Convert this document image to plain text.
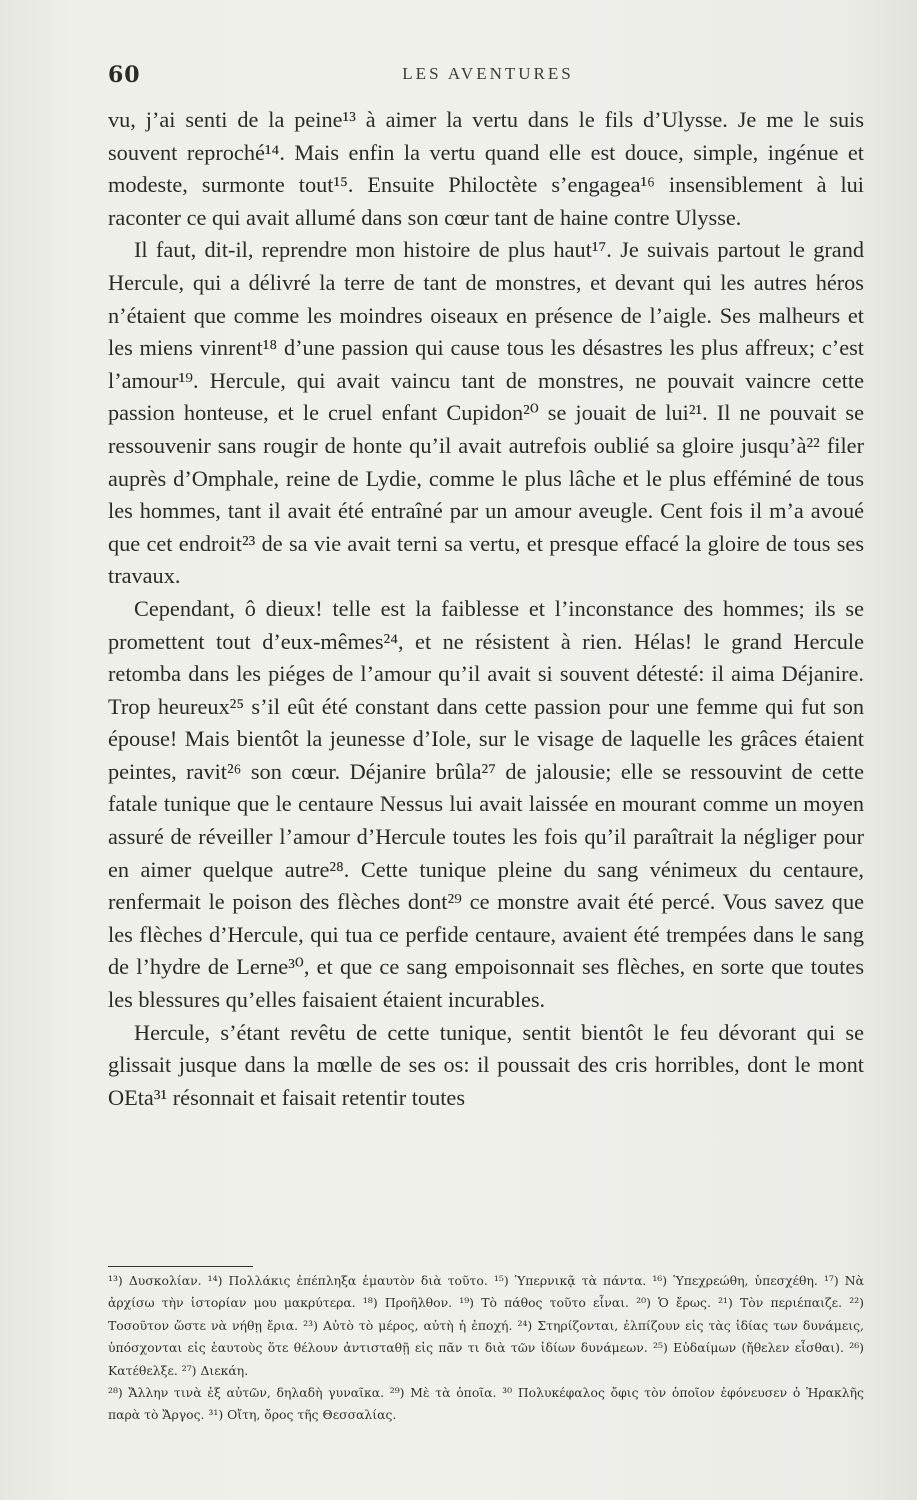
60	LES AVENTURES

vu, j’ai senti de la peine¹³ à aimer la vertu dans le fils d’Ulysse. Je me le suis souvent reproché¹⁴. Mais enfin la vertu quand elle est douce, simple, ingénue et modeste, surmonte tout¹⁵. Ensuite Philoctète s’engagea¹⁶ insensiblement à lui raconter ce qui avait allumé dans son cœur tant de haine contre Ulysse.

Il faut, dit-il, reprendre mon histoire de plus haut¹⁷. Je suivais partout le grand Hercule, qui a délivré la terre de tant de monstres, et devant qui les autres héros n’étaient que comme les moindres oiseaux en présence de l’aigle. Ses malheurs et les miens vinrent¹⁸ d’une passion qui cause tous les désastres les plus affreux; c’est l’amour¹⁹. Hercule, qui avait vaincu tant de monstres, ne pouvait vaincre cette passion honteuse, et le cruel enfant Cupidon²⁰ se jouait de lui²¹. Il ne pouvait se ressouvenir sans rougir de honte qu’il avait autrefois oublié sa gloire jusqu’à²² filer auprès d’Omphale, reine de Lydie, comme le plus lâche et le plus efféminé de tous les hommes, tant il avait été entraîné par un amour aveugle. Cent fois il m’a avoué que cet endroit²³ de sa vie avait terni sa vertu, et presque effacé la gloire de tous ses travaux.

Cependant, ô dieux! telle est la faiblesse et l’inconstance des hommes; ils se promettent tout d’eux-mêmes²⁴, et ne résistent à rien. Hélas! le grand Hercule retomba dans les piéges de l’amour qu’il avait si souvent détesté: il aima Déjanire. Trop heureux²⁵ s’il eût été constant dans cette passion pour une femme qui fut son épouse! Mais bientôt la jeunesse d’Iole, sur le visage de laquelle les grâces étaient peintes, ravit²⁶ son cœur. Déjanire brûla²⁷ de jalousie; elle se ressouvint de cette fatale tunique que le centaure Nessus lui avait laissée en mourant comme un moyen assuré de réveiller l’amour d’Hercule toutes les fois qu’il paraîtrait la négliger pour en aimer quelque autre²⁸. Cette tunique pleine du sang vénimeux du centaure, renfermait le poison des flèches dont²⁹ ce monstre avait été percé. Vous savez que les flèches d’Hercule, qui tua ce perfide centaure, avaient été trempées dans le sang de l’hydre de Lerne³⁰, et que ce sang empoisonnait ses flèches, en sorte que toutes les blessures qu’elles faisaient étaient incurables.

Hercule, s’étant revêtu de cette tunique, sentit bientôt le feu dévorant qui se glissait jusque dans la mœlle de ses os: il poussait des cris horribles, dont le mont OEta³¹ résonnait et faisait retentir toutes

¹³) Δυσκολίαν. ¹⁴) Πολλάκις ἐπέπληξα ἐμαυτὸν διὰ τοῦτο. ¹⁵) Ὑπερνικᾷ τὰ πάντα. ¹⁶) Ὑπεχρεώθη, ὑπεσχέθη. ¹⁷) Νὰ ἀρχίσω τὴν ἱστορίαν μου μακρύτερα. ¹⁸) Προῆλθον. ¹⁹) Τὸ πάθος τοῦτο εἶναι. ²⁰) Ὁ ἔρως. ²¹) Τὸν περιέπαιζε. ²²) Τοσοῦτον ὥστε νὰ νήθῃ ἔρια. ²³) Αὐτὸ τὸ μέρος, αὐτὴ ἡ ἐποχή. ²⁴) Στηρίζονται, ἐλπίζουν εἰς τὰς ἰδίας των δυνάμεις, ὑπόσχονται εἰς ἑαυτοὺς ὅτε θέλουν ἀντισταθῇ εἰς πᾶν τι διὰ τῶν ἰδίων δυνάμεων. ²⁵) Εὐδαίμων (ἤθελεν εἶσθαι). ²⁶) Κατέθελξε. ²⁷) Διεκάη.

²⁸) Ἄλλην τινὰ ἐξ αὐτῶν, δηλαδὴ γυναῖκα. ²⁹) Μὲ τὰ ὁποῖα. ³⁰ Πολυκέφαλος ὄφις τὸν ὁποῖον ἐφόνευσεν ὁ Ἡρακλῆς παρὰ τὸ Ἄργος. ³¹) Οἴτη, ὄρος τῆς Θεσσαλίας.
